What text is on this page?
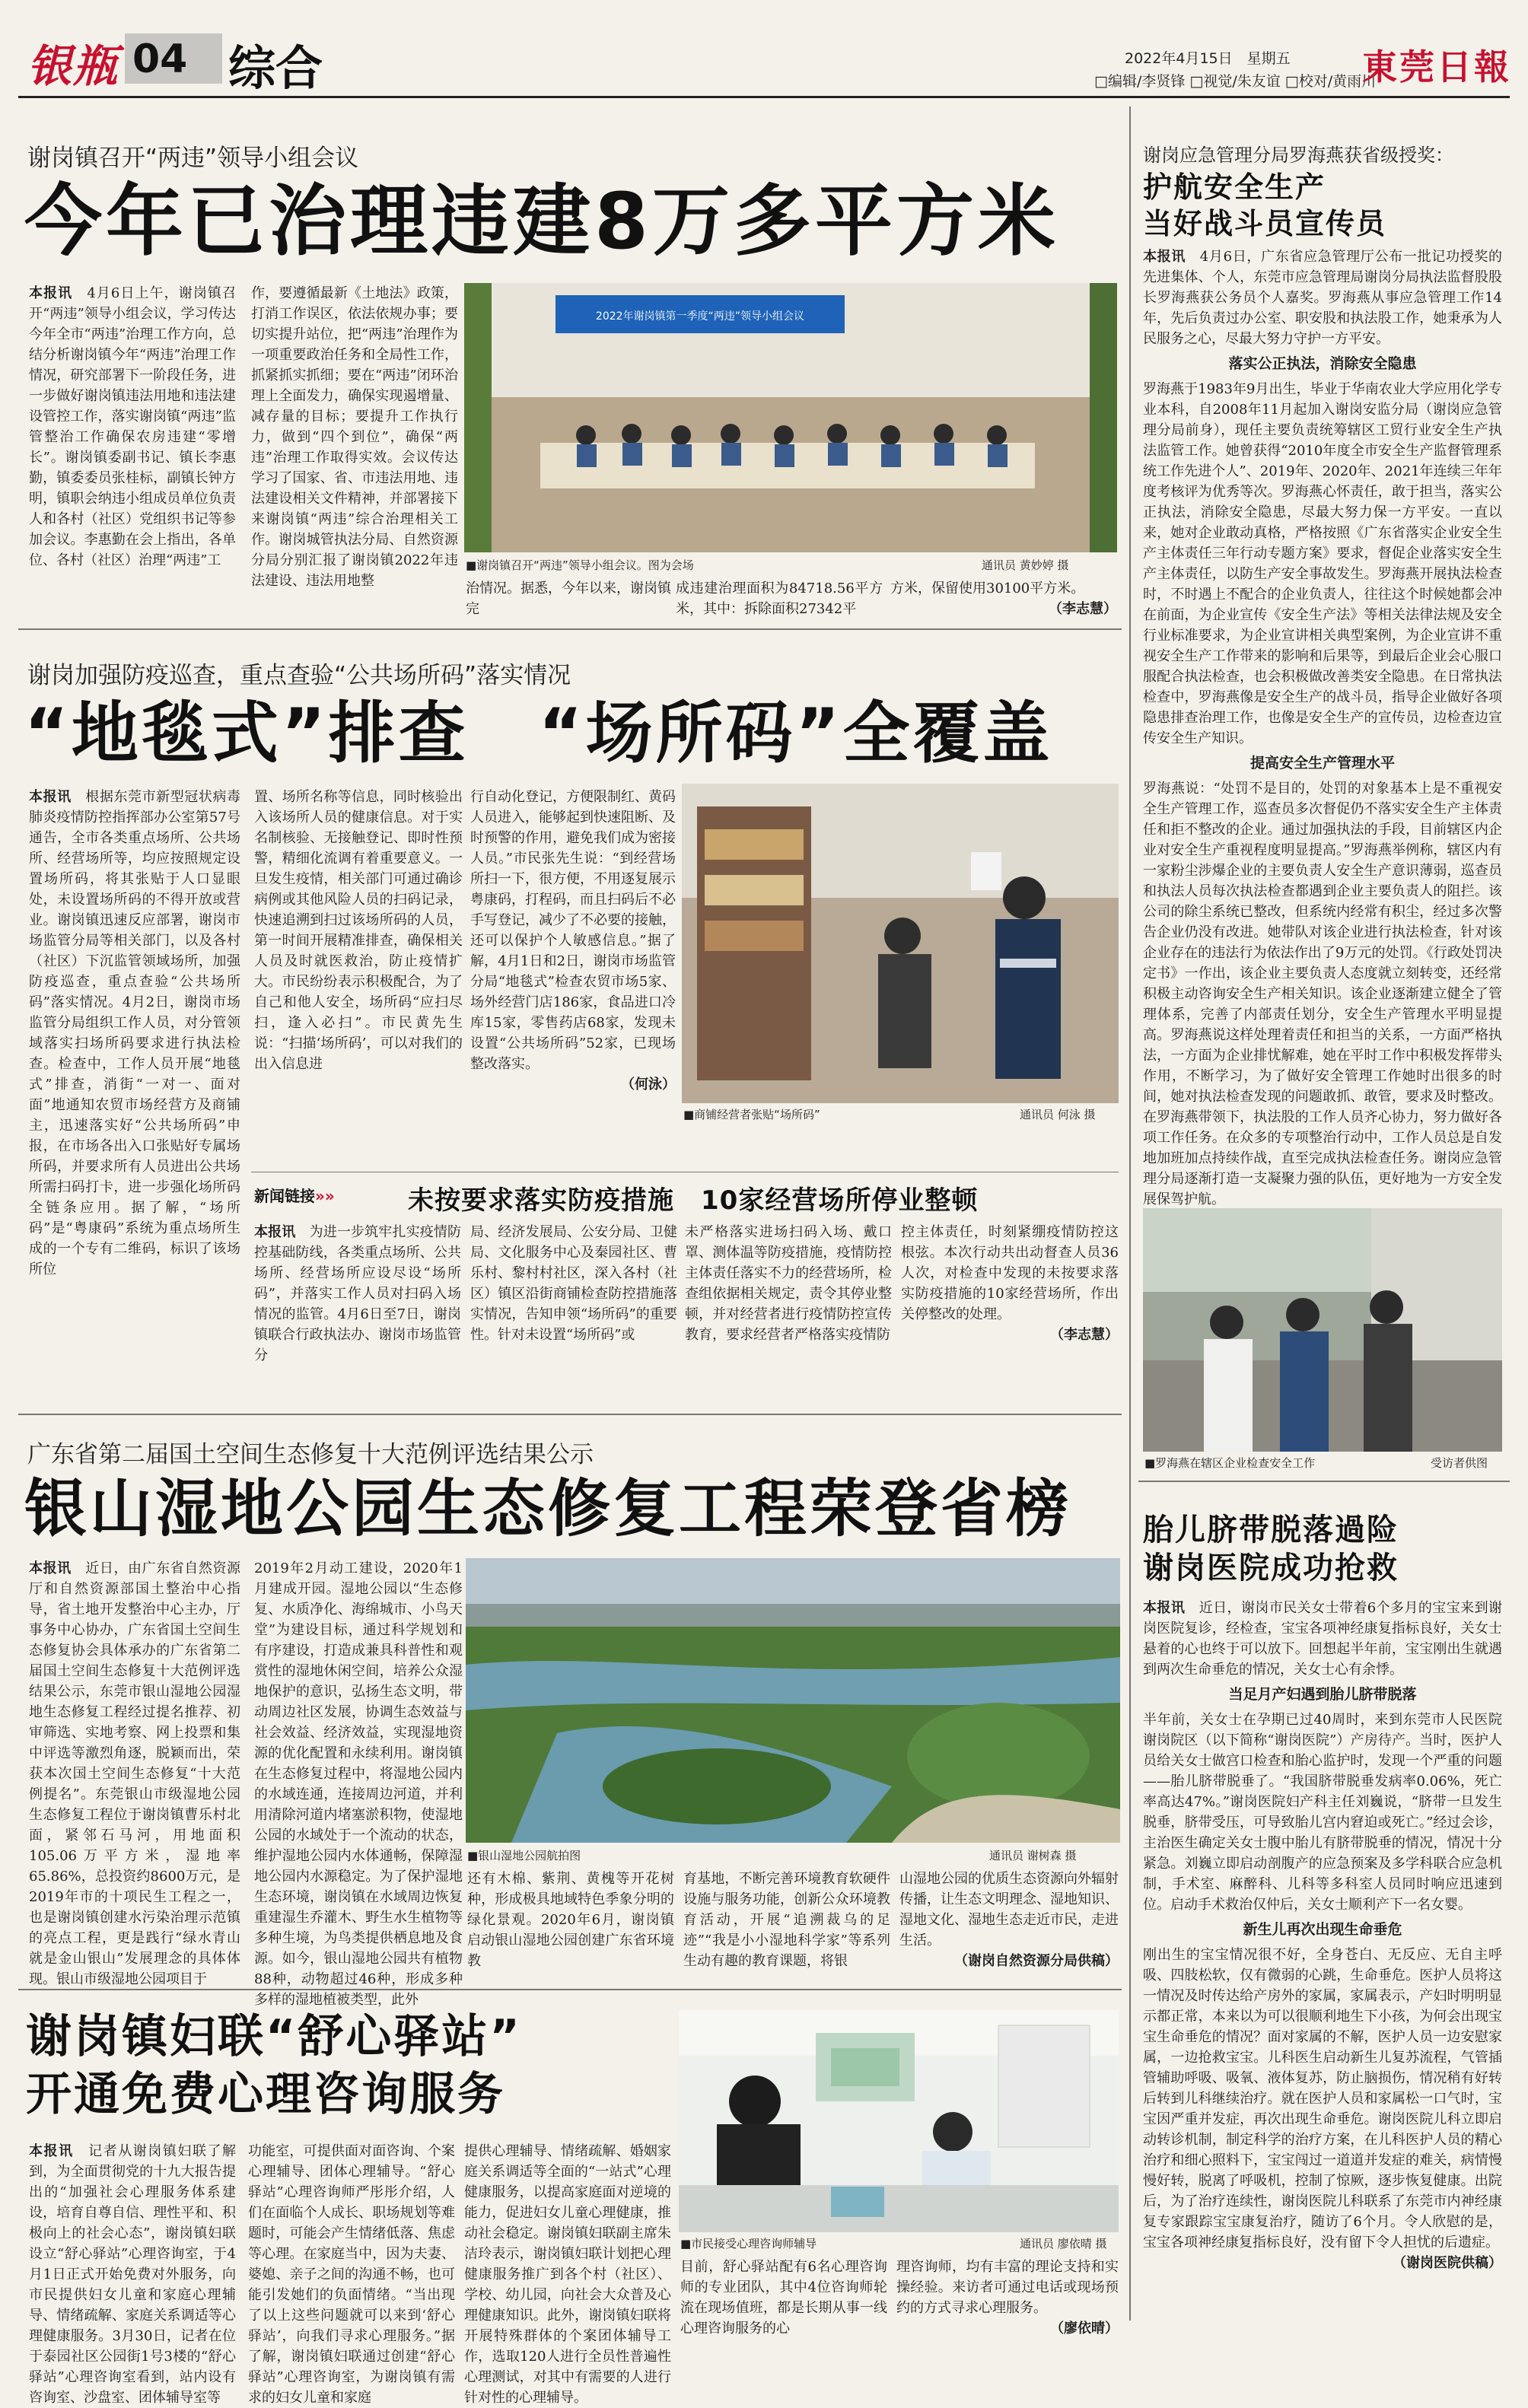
银瓶 04 综合	2022年4月15日　星期五
□编辑/李贤锋 □视觉/朱友谊 □校对/黄雨川
東莞日報
谢岗镇召开“两违”领导小组会议
今年已治理违建8万多平方米
本报讯　 4月6日上午，谢岗镇召开“两违”领导小组会议，学习传达今年全市“两违”治理工作方向，总结分析谢岗镇今年“两违”治理工作情况，研究部署下一阶段任务，进一步做好谢岗镇违法用地和违法建设管控工作，落实谢岗镇“两违”监管整治工作确保农房违建“零增长”。谢岗镇委副书记、镇长李惠勤，镇委委员张桂标，副镇长钟方明，镇职会纳违小组成员单位负责人和各村（社区）党组织书记等参加会议。李惠勤在会上指出，各单位、各村（社区）治理“两违”工
作，要遵循最新《土地法》政策，打消工作误区，依法依规办事；要切实提升站位，把“两违”治理作为一项重要政治任务和全局性工作，抓紧抓实抓细；要在“两违”闭环治理上全面发力，确保实现遏增量、减存量的目标；要提升工作执行力，做到“四个到位”，确保“两违”治理工作取得实效。会议传达学习了国家、省、市违法用地、违法建设相关文件精神，并部署接下来谢岗镇“两违”综合治理相关工作。谢岗城管执法分局、自然资源分局分别汇报了谢岗镇2022年违法建设、违法用地整
2022年谢岗镇第一季度“两违”领导小组会议
■谢岗镇召开“两违”领导小组会议。图为会场	通讯员 黄妙婷 摄
治情况。据悉，今年以来，谢岗镇完
成违建治理面积为84718.56平方米，其中：拆除面积27342平
方米，保留使用30100平方米。

（李志慧）
谢岗加强防疫巡查，重点查验“公共场所码”落实情况
“地毯式”排查　“场所码”全覆盖
本报讯　 根据东莞市新型冠状病毒肺炎疫情防控指挥部办公室第57号通告，全市各类重点场所、公共场所、经营场所等，均应按照规定设置场所码，将其张贴于人口显眼处，未设置场所码的不得开放或营业。谢岗镇迅速反应部署，谢岗市场监管分局等相关部门，以及各村（社区）下沉监管领域场所，加强防疫巡查，重点查验“公共场所码”落实情况。4月2日，谢岗市场监管分局组织工作人员，对分管领域落实扫场所码要求进行执法检查。检查中，工作人员开展“地毯式”排查，消街“一对一、面对面”地通知农贸市场经营方及商铺主，迅速落实好“公共场所码”申报，在市场各出入口张贴好专属场所码，并要求所有人员进出公共场所需扫码打卡，进一步强化场所码全链条应用。据了解，“场所码”是“粤康码”系统为重点场所生成的一个专有二维码，标识了该场所位
置、场所名称等信息，同时核验出入该场所人员的健康信息。对于实名制核验、无接触登记、即时性预警，精细化流调有着重要意义。一旦发生疫情，相关部门可通过确诊病例或其他风险人员的扫码记录，快速追溯到扫过该场所码的人员，第一时间开展精准排查，确保相关人员及时就医救治，防止疫情扩大。市民纷纷表示积极配合，为了自己和他人安全，场所码“应扫尽扫，逢入必扫”。市民黄先生说：“扫描‘场所码’，可以对我们的出入信息进
行自动化登记，方便限制红、黄码人员进入，能够起到快速阻断、及时预警的作用，避免我们成为密接人员。”市民张先生说：“到经营场所扫一下，很方便，不用逐复展示粤康码，打程码，而且扫码后不必手写登记，减少了不必要的接触，还可以保护个人敏感信息。”据了解，4月1日和2日，谢岗市场监管分局“地毯式”检查农贸市场5家、场外经营门店186家，食品进口冷库15家，零售药店68家，发现未设置“公共场所码”52家，已现场整改落实。

（何泳）
■商铺经营者张贴“场所码”	通讯员 何泳 摄
新闻链接»»	未按要求落实防疫措施　10家经营场所停业整顿
本报讯　 为进一步筑牢扎实疫情防控基础防线，各类重点场所、公共场所、经营场所应设尽设“场所码”，并落实工作人员对扫码入场情况的监管。4月6日至7日，谢岗镇联合行政执法办、谢岗市场监管分
局、经济发展局、公安分局、卫健局、文化服务中心及秦园社区、曹乐村、黎村村社区，深入各村（社区）镇区沿街商铺检查防控措施落实情况，告知申领“场所码”的重要性。针对未设置“场所码”或
未严格落实进场扫码入场、戴口罩、测体温等防疫措施，疫情防控主体责任落实不力的经营场所，检查组依据相关规定，责令其停业整顿，并对经营者进行疫情防控宣传教育，要求经营者严格落实疫情防
控主体责任，时刻紧绷疫情防控这根弦。本次行动共出动督查人员36人次，对检查中发现的未按要求落实防疫措施的10家经营场所，作出关停整改的处理。

（李志慧）
广东省第二届国土空间生态修复十大范例评选结果公示
银山湿地公园生态修复工程荣登省榜
本报讯　 近日，由广东省自然资源厅和自然资源部国土整治中心指导，省土地开发整治中心主办，厅事务中心协办，广东省国土空间生态修复协会具体承办的广东省第二届国土空间生态修复十大范例评选结果公示，东莞市银山湿地公园湿地生态修复工程经过提名推荐、初审筛选、实地考察、网上投票和集中评选等激烈角逐，脱颖而出，荣获本次国土空间生态修复“十大范例提名”。东莞银山市级湿地公园生态修复工程位于谢岗镇曹乐村北面，紧邻石马河，用地面积105.06万平方米，湿地率65.86%，总投资约8600万元，是2019年市的十项民生工程之一，也是谢岗镇创建水污染治理示范镇的亮点工程，更是践行“绿水青山就是金山银山”发展理念的具体体现。银山市级湿地公园项目于
2019年2月动工建设，2020年1月建成开园。湿地公园以“生态修复、水质净化、海绵城市、小鸟天堂”为建设目标，通过科学规划和有序建设，打造成兼具科普性和观赏性的湿地休闲空间，培养公众湿地保护的意识，弘扬生态文明，带动周边社区发展，协调生态效益与社会效益、经济效益，实现湿地资源的优化配置和永续利用。谢岗镇在生态修复过程中，将湿地公园内的水域连通，连接周边河道，并利用清除河道内堵塞淤积物，使湿地公园的水域处于一个流动的状态，维护湿地公园内水体通畅，保障湿地公园内水源稳定。为了保护湿地生态环境，谢岗镇在水域周边恢复重建湿生乔灌木、野生水生植物等多种生境，为鸟类提供栖息地及食源。如今，银山湿地公园共有植物88种，动物超过46种，形成多种多样的湿地植被类型，此外
■银山湿地公园航拍图	通讯员 谢树森 摄
还有木棉、紫荆、黄槐等开花树种，形成极具地域特色季象分明的绿化景观。2020年6月，谢岗镇启动银山湿地公园创建广东省环境教
育基地，不断完善环境教育软硬件设施与服务功能，创新公众环境教育活动，开展“追溯裁乌的足迹”“我是小小湿地科学家”等系列生动有趣的教育课题，将银
山湿地公园的优质生态资源向外辐射传播，让生态文明理念、湿地知识、湿地文化、湿地生态走近市民，走进生活。

（谢岗自然资源分局供稿）
谢岗镇妇联“舒心驿站”
开通免费心理咨询服务
本报讯　 记者从谢岗镇妇联了解到，为全面贯彻党的十九大报告提出的“加强社会心理服务体系建设，培育自尊自信、理性平和、积极向上的社会心态”，谢岗镇妇联设立“舒心驿站”心理咨询室，于4月1日正式开始免费对外服务，向市民提供妇女儿童和家庭心理辅导、情绪疏解、家庭关系调适等心理健康服务。3月30日，记者在位于泰园社区公园街1号3楼的“舒心驿站”心理咨询室看到，站内设有咨询室、沙盘室、团体辅导室等
功能室，可提供面对面咨询、个案心理辅导、团体心理辅导。“舒心驿站”心理咨询师严彤彤介绍，人们在面临个人成长、职场规划等难题时，可能会产生情绪低落、焦虑等心理。在家庭当中，因为夫妻、婆媳、亲子之间的沟通不畅，也可能引发她们的负面情绪。“当出现了以上这些问题就可以来到‘舒心驿站’，向我们寻求心理服务。”据了解，谢岗镇妇联通过创建“舒心驿站”心理咨询室，为谢岗镇有需求的妇女儿童和家庭
提供心理辅导、情绪疏解、婚姻家庭关系调适等全面的“一站式”心理健康服务，以提高家庭面对逆境的能力，促进妇女儿童心理健康，推动社会稳定。谢岗镇妇联副主席朱洁玲表示，谢岗镇妇联计划把心理健康服务推广到各个村（社区）、学校、幼儿园，向社会大众普及心理健康知识。此外，谢岗镇妇联将开展特殊群体的个案团体辅导工作，选取120人进行全员性普遍性心理测试，对其中有需要的人进行针对性的心理辅导。
■市民接受心理咨询师辅导	通讯员 廖依晴 摄
目前，舒心驿站配有6名心理咨询师的专业团队，其中4位咨询师轮流在现场值班，都是长期从事一线心理咨询服务的心
理咨询师，均有丰富的理论支持和实操经验。来访者可通过电话或现场预约的方式寻求心理服务。

（廖依晴）
谢岗应急管理分局罗海燕获省级授奖：
护航安全生产
当好战斗员宣传员
本报讯　 4月6日，广东省应急管理厅公布一批记功授奖的先进集体、个人，东莞市应急管理局谢岗分局执法监督股股长罗海燕获公务员个人嘉奖。罗海燕从事应急管理工作14年，先后负责过办公室、职安股和执法股工作，她秉承为人民服务之心，尽最大努力守护一方平安。
落实公正执法，消除安全隐患
罗海燕于1983年9月出生，毕业于华南农业大学应用化学专业本科，自2008年11月起加入谢岗安监分局（谢岗应急管理分局前身），现任主要负责统筹辖区工贸行业安全生产执法监管工作。她曾获得“2010年度全市安全生产监督管理系统工作先进个人”、2019年、2020年、2021年连续三年年度考核评为优秀等次。罗海燕心怀责任，敢于担当，落实公正执法，消除安全隐患，尽最大努力保一方平安。一直以来，她对企业敢动真格，严格按照《广东省落实企业安全生产主体责任三年行动专题方案》要求，督促企业落实安全生产主体责任，以防生产安全事故发生。罗海燕开展执法检查时，不时遇上不配合的企业负责人，往往这个时候她都会冲在前面，为企业宣传《安全生产法》等相关法律法规及安全行业标准要求，为企业宣讲相关典型案例，为企业宣讲不重视安全生产工作带来的影响和后果等，到最后企业会心服口服配合执法检查，也会积极做改善类安全隐患。在日常执法检查中，罗海燕像是安全生产的战斗员，指导企业做好各项隐患排查治理工作，也像是安全生产的宣传员，边检查边宣传安全生产知识。
提高安全生产管理水平
罗海燕说：“处罚不是目的，处罚的对象基本上是不重视安全生产管理工作，巡查员多次督促仍不落实安全生产主体责任和拒不整改的企业。通过加强执法的手段，目前辖区内企业对安全生产重视程度明显提高。”罗海燕举例称，辖区内有一家粉尘涉爆企业的主要负责人安全生产意识薄弱，巡查员和执法人员每次执法检查都遇到企业主要负责人的阻拦。该公司的除尘系统已整改，但系统内经常有积尘，经过多次警告企业仍没有改进。她带队对该企业进行执法检查，针对该企业存在的违法行为依法作出了9万元的处罚。《行政处罚决定书》一作出，该企业主要负责人态度就立刻转变，还经常积极主动咨询安全生产相关知识。该企业逐渐建立健全了管理体系，完善了内部责任划分，安全生产管理水平明显提高。罗海燕说这样处理着责任和担当的关系，一方面严格执法，一方面为企业排忧解难，她在平时工作中积极发挥带头作用，不断学习，为了做好安全管理工作她时出很多的时间，她对执法检查发现的问题敢抓、敢管，要求及时整改。在罗海燕带领下，执法股的工作人员齐心协力，努力做好各项工作任务。在众多的专项整治行动中，工作人员总是自发地加班加点持续作战，直至完成执法检查任务。谢岗应急管理分局逐渐打造一支凝聚力强的队伍，更好地为一方安全发展保驾护航。

■罗海燕在辖区企业检查安全工作	受访者供图
胎儿脐带脱落過险
谢岗医院成功抢救
本报讯　 近日，谢岗市民关女士带着6个多月的宝宝来到谢岗医院复诊，经检查，宝宝各项神经康复指标良好，关女士悬着的心也终于可以放下。回想起半年前，宝宝刚出生就遇到两次生命垂危的情况，关女士心有余悸。
当足月产妇遇到胎儿脐带脱落
半年前，关女士在孕期已过40周时，来到东莞市人民医院谢岗院区（以下简称“谢岗医院”）产房待产。当时，医护人员给关女士做宫口检查和胎心监护时，发现一个严重的问题——胎儿脐带脱垂了。“我国脐带脱垂发病率0.06%，死亡率高达47%。”谢岗医院妇产科主任刘巍说，“脐带一旦发生脱垂，脐带受压，可导致胎儿宫内窘迫或死亡。”经过会诊，主治医生确定关女士腹中胎儿有脐带脱垂的情况，情况十分紧急。刘巍立即启动剖腹产的应急预案及多学科联合应急机制，手术室、麻醉科、儿科等多科室人员同时响应迅速到位。启动手术救治仅仲后，关女士顺利产下一名女婴。
新生儿再次出现生命垂危
刚出生的宝宝情况很不好，全身苍白、无反应、无自主呼吸、四肢松软，仅有微弱的心跳，生命垂危。医护人员将这一情况及时传达给产房外的家属，家属表示，产妇时明明显示都正常，本来以为可以很顺利地生下小孩，为何会出现宝宝生命垂危的情况？面对家属的不解，医护人员一边安慰家属，一边抢救宝宝。儿科医生启动新生儿复苏流程，气管插管辅助呼吸、吸氧、液体复苏，防止脑损伤，情况稍有好转后转到儿科继续治疗。就在医护人员和家属松一口气时，宝宝因严重并发症，再次出现生命垂危。谢岗医院儿科立即启动转诊机制，制定科学的治疗方案，在儿科医护人员的精心治疗和细心照料下，宝宝闯过一道道并发症的难关，病情慢慢好转，脱离了呼吸机，控制了惊厥，逐步恢复健康。出院后，为了治疗连续性，谢岗医院儿科联系了东莞市内神经康复专家跟踪宝宝康复治疗，随访了6个月。令人欣慰的是，宝宝各项神经康复指标良好，没有留下令人担忧的后遗症。

（谢岗医院供稿）
